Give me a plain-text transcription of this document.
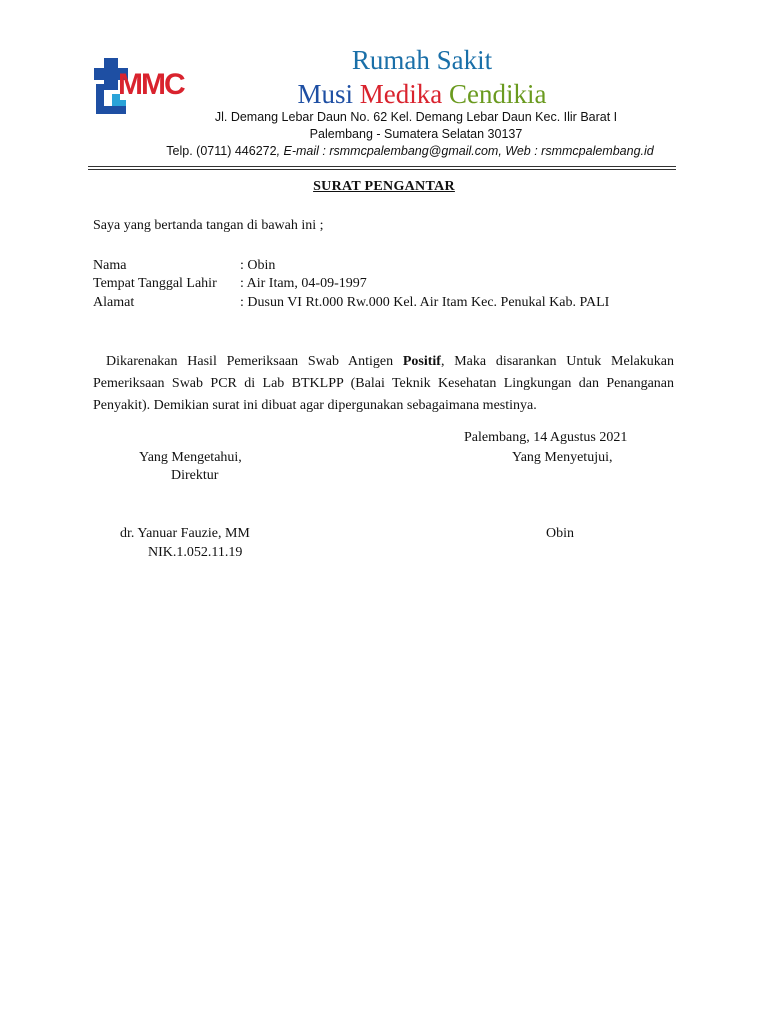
MMC
Rumah Sakit
Musi Medika Cendikia
Jl. Demang Lebar Daun No. 62 Kel. Demang Lebar Daun Kec. Ilir Barat I
Palembang - Sumatera Selatan 30137
Telp. (0711) 446272, E-mail : rsmmcpalembang@gmail.com, Web : rsmmcpalembang.id
SURAT PENGANTAR
Saya yang bertanda tangan di bawah ini ;
Nama	: Obin
Tempat Tanggal Lahir : Air Itam, 04-09-1997
Alamat	: Dusun VI Rt.000 Rw.000 Kel. Air Itam Kec. Penukal Kab. PALI
Dikarenakan Hasil Pemeriksaan Swab Antigen Positif, Maka disarankan Untuk Melakukan Pemeriksaan Swab PCR di Lab BTKLPP (Balai Teknik Kesehatan Lingkungan dan Penanganan Penyakit). Demikian surat ini dibuat agar dipergunakan sebagaimana mestinya.
Palembang, 14 Agustus 2021
Yang Mengetahui,	Yang Menyetujui,
Direktur
dr. Yanuar Fauzie, MM	Obin
NIK.1.052.11.19
